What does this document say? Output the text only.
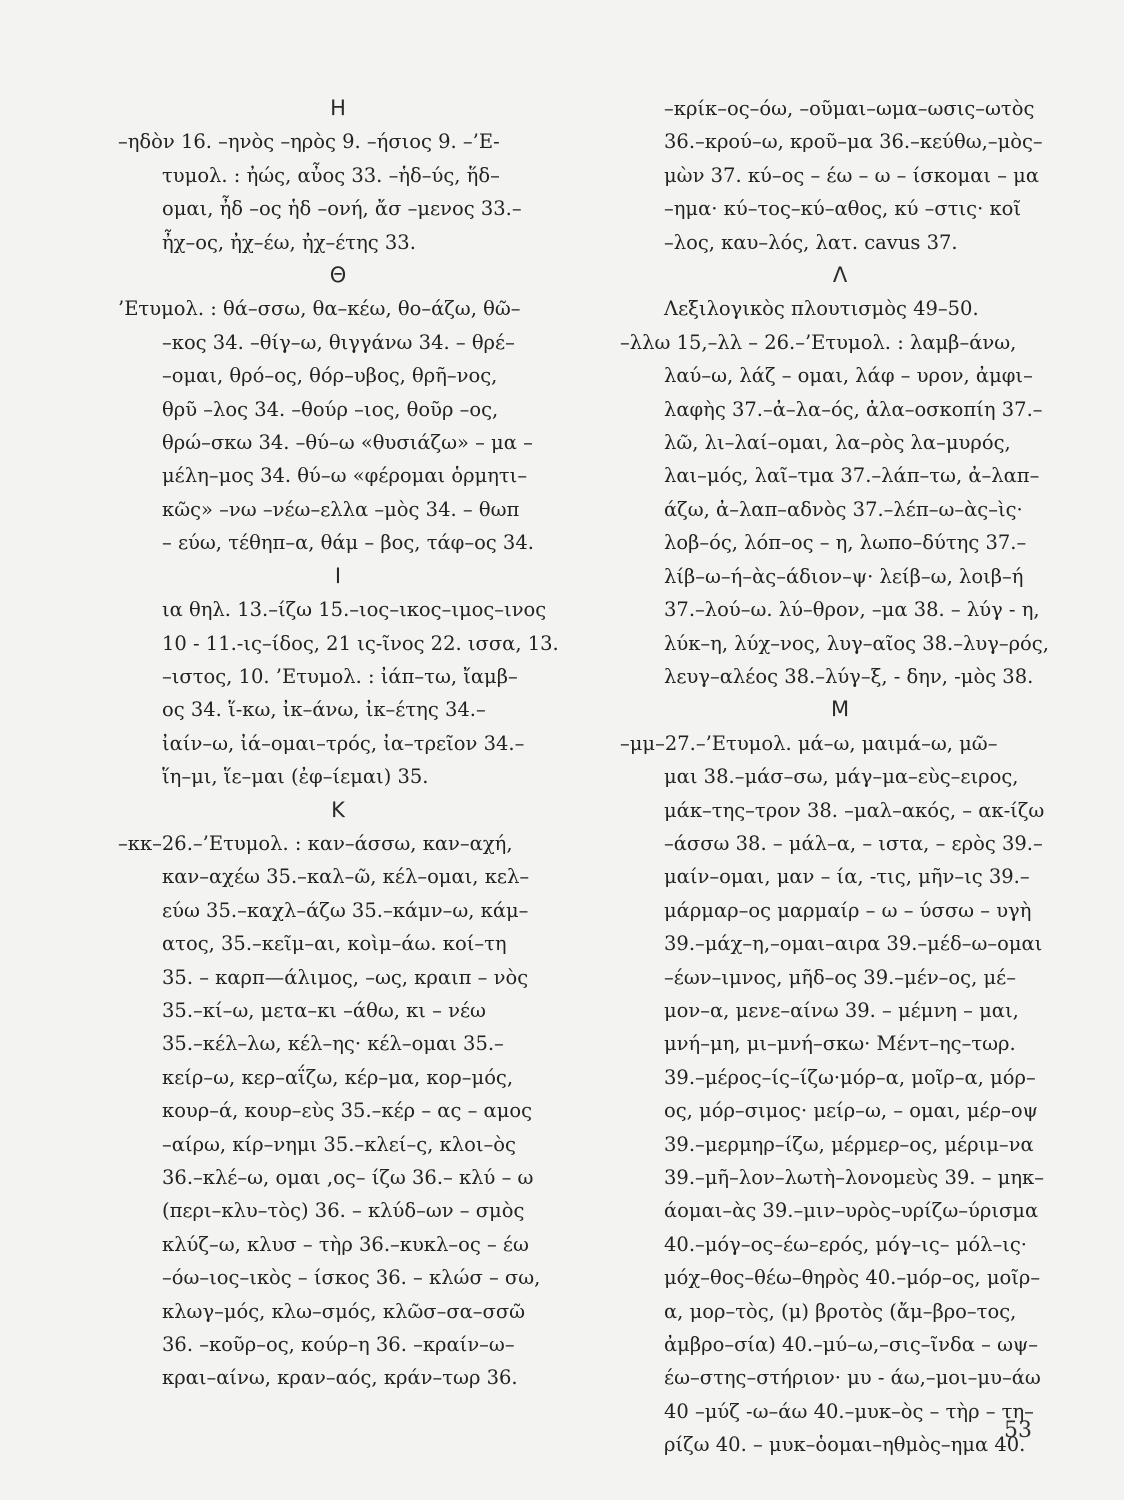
Η
–ηδὸν 16. –ηνὸς –ηρὸς 9. –ήσιος 9. –’Ε-
τυμολ. : ἠώς, αὖος 33. –ἡδ–ύς, ἥδ–
ομαι, ἦδ –ος ἡδ –ονή, ἄσ –μενος 33.–
ἦχ–ος, ἠχ–έω, ἠχ–έτης 33.
Θ
’Ετυμολ. : θά–σσω, θα–κέω, θο–άζω, θῶ–
–κος 34. –θίγ–ω, θιγγάνω 34. – θρέ–
–ομαι, θρό–ος, θόρ–υβος, θρῆ–νος,
θρῦ –λος 34. –θούρ –ιος, θοῦρ –ος,
θρώ–σκω 34. –θύ–ω «θυσιάζω» – μα –
μέλη–μος 34. θύ–ω «φέρομαι ὁρμητι–
κῶς» –νω –νέω–ελλα –μὸς 34. – θωπ
– εύω, τέθηπ–α, θάμ – βος, τάφ–ος 34.
Ι
ια θηλ. 13.–ίζω 15.–ιος–ικος–ιμος–ινος
10 - 11.-ις–ίδος, 21 ις-ῖνος 22. ισσα, 13.
–ιστος, 10. ’Ετυμολ. : ἰάπ–τω, ἴαμβ–
ος 34. ἵ-κω, ἰκ–άνω, ἰκ–έτης 34.–
ἰαίν–ω, ἰά–ομαι–τρός, ἰα–τρεῖον 34.–
ἵη–μι, ἵε–μαι (ἐφ–ίεμαι) 35.
Κ
–κκ–26.–’Ετυμολ. : καν–άσσω, καν–αχή,
καν–αχέω 35.–καλ–ῶ, κέλ–ομαι, κελ–
εύω 35.–καχλ–άζω 35.–κάμν–ω, κάμ–
ατος, 35.–κεῖμ–αι, κοὶμ–άω. κοί–τη
35. – καρπ—άλιμος, –ως, κραιπ – νὸς
35.–κί–ω, μετα–κι –άθω, κι – νέω
35.–κέλ–λω, κέλ–ης· κέλ–ομαι 35.–
κείρ–ω, κερ–αΐζω, κέρ–μα, κορ–μός,
κουρ–ά, κουρ–εὺς 35.–κέρ – ας – αμος
–αίρω, κίρ–νημι 35.–κλεί–ς, κλοι–ὸς
36.–κλέ–ω, ομαι ,ος– ίζω 36.– κλύ – ω
(περι–κλυ–τὸς) 36. – κλύδ–ων – σμὸς
κλύζ–ω, κλυσ – τὴρ 36.–κυκλ–ος – έω
–όω–ιος–ικὸς – ίσκος 36. – κλώσ – σω,
κλωγ–μός, κλω–σμός, κλῶσ–σα–σσῶ
36. –κοῦρ–ος, κούρ–η 36. –κραίν–ω–
κραι–αίνω, κραν–αός, κράν–τωρ 36.
–κρίκ–ος–όω, –οῦμαι–ωμα–ωσις–ωτὸς
36.–κρού–ω, κροῦ–μα 36.–κεύθω,–μὸς–
μὼν 37. κύ–ος – έω – ω – ίσκομαι – μα
–ημα· κύ–τος–κύ–αθος, κύ –στις· κοῖ
–λος, καυ–λός, λατ. cavus 37.
Λ
Λεξιλογικὸς πλουτισμὸς 49–50.
–λλω 15,–λλ – 26.–’Ετυμολ. : λαμβ–άνω,
λαύ–ω, λάζ – ομαι, λάφ – υρον, ἀμφι–
λαφὴς 37.–ἀ–λα–ός, ἀλα–οσκοπίη 37.–
λῶ, λι–λαί–ομαι, λα–ρὸς λα–μυρός,
λαι–μός, λαῖ–τμα 37.–λάπ–τω, ἀ–λαπ–
άζω, ἀ–λαπ–αδνὸς 37.–λέπ–ω–ὰς–ὶς·
λοβ–ός, λόπ–ος – η, λωπο–δύτης 37.–
λίβ–ω–ή–ὰς–άδιον–ψ· λείβ–ω, λοιβ–ή
37.–λού–ω. λύ–θρον, –μα 38. – λύγ - η,
λύκ–η, λύχ–νος, λυγ–αῖος 38.–λυγ–ρός,
λευγ–αλέος 38.–λύγ–ξ, - δην, -μὸς 38.
Μ
–μμ–27.–’Ετυμολ. μά–ω, μαιμά–ω, μῶ–
μαι 38.–μάσ–σω, μάγ–μα–εὺς–ειρος,
μάκ–της–τρον 38. –μαλ–ακός, – ακ-ίζω
–άσσω 38. – μάλ–α, – ιστα, – ερὸς 39.–
μαίν–ομαι, μαν – ία, -τις, μῆν–ις 39.–
μάρμαρ–ος μαρμαίρ – ω – ύσσω – υγὴ
39.–μάχ–η,–ομαι–αιρα 39.–μέδ–ω–ομαι
–έων–ιμνος, μῆδ–ος 39.–μέν–ος, μέ–
μον–α, μενε–αίνω 39. – μέμνη – μαι,
μνή–μη, μι–μνή–σκω· Μέντ–ης–τωρ.
39.–μέρος–ίς–ίζω·μόρ–α, μοῖρ–α, μόρ–
ος, μόρ–σιμος· μείρ–ω, – ομαι, μέρ–οψ
39.–μερμηρ–ίζω, μέρμερ–ος, μέριμ–να
39.–μῆ–λον–λωτὴ–λονομεὺς 39. – μηκ–
άομαι–ὰς 39.–μιν–υρὸς–υρίζω–ύρισμα
40.–μόγ–ος–έω–ερός, μόγ–ις– μόλ–ις·
μόχ–θος–θέω–θηρὸς 40.–μόρ–ος, μοῖρ–
α, μορ–τὸς, (μ) βροτὸς (ἄμ–βρο–τος,
ἀμβρο–σία) 40.–μύ–ω,–σις–ῖνδα – ωψ–
έω–στης–στήριον· μυ - άω,–μοι–μυ–άω
40 –μύζ -ω–άω 40.–μυκ–ὸς – τὴρ – τη–
ρίζω 40. – μυκ–ὁομαι–ηθμὸς–ημα 40.
53
